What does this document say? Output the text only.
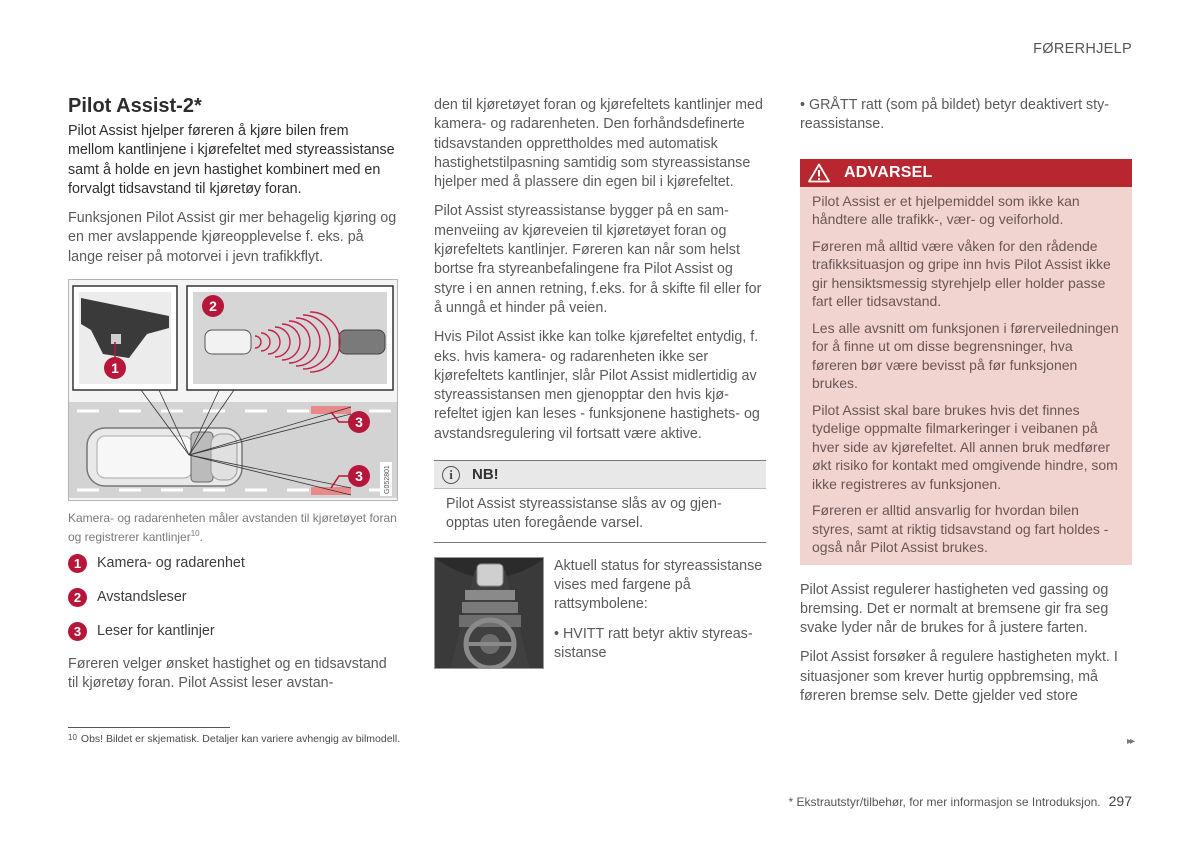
FØRERHJELP
Pilot Assist-2*

Pilot Assist hjelper føreren å kjøre bilen frem mellom kantlinjene i kjørefeltet med styreassistanse samt å holde en jevn hastighet kombinert med en forvalgt tidsavstand til kjøretøy foran.

Funksjonen Pilot Assist gir mer behagelig kjøring og en mer avslappende kjøreopplevelse f. eks. på lange reiser på motorvei i jevn trafikkflyt.

1
2
3
3	G052801

Kamera- og radarenheten måler avstanden til kjøretøyet foran og registrerer kantlinjer$^{10}$.

1	Kamera- og radarenhet
2	Avstandsleser
3	Leser for kantlinjer

Føreren velger ønsket hastighet og en tidsavstand til kjøretøy foran. Pilot Assist leser avstan-

den til kjøretøyet foran og kjørefeltets kantlinjer med kamera- og radarenheten. Den forhåndsdefinerte tidsavstanden opprettholdes med automatisk hastighetstilpasning samtidig som styreassistanse hjelper med å plassere din egen bil i kjørefeltet.

Pilot Assist styreassistanse bygger på en sammenveiing av kjøreveien til kjøretøyet foran og kjørefeltets kantlinjer. Føreren kan når som helst bortse fra styreanbefalingene fra Pilot Assist og styre i en annen retning, f.eks. for å skifte fil eller for å unngå et hinder på veien.

Hvis Pilot Assist ikke kan tolke kjørefeltet entydig, f. eks. hvis kamera- og radarenheten ikke ser kjørefeltets kantlinjer, slår Pilot Assist midlertidig av styreassistansen men gjenopptar den hvis kjørefeltet igjen kan leses - funksjonene hastighets- og avstandsregulering vil fortsatt være aktive.

i	NB!
Pilot Assist styreassistanse slås av og gjenopptas uten foregående varsel.

Aktuell status for styreassistanse vises med fargene på rattsymbolene:

• HVITT ratt betyr aktiv styreassistanse

• GRÅTT ratt (som på bildet) betyr deaktivert styreassistanse.

ADVARSEL

Pilot Assist er et hjelpemiddel som ikke kan håndtere alle trafikk-, vær- og veiforhold.

Føreren må alltid være våken for den rådende trafikksituasjon og gripe inn hvis Pilot Assist ikke gir hensiktsmessig styrehjelp eller holder passe fart eller tidsavstand.

Les alle avsnitt om funksjonen i førerveiledningen for å finne ut om disse begrensninger, hva føreren bør være bevisst på før funksjonen brukes.

Pilot Assist skal bare brukes hvis det finnes tydelige oppmalte filmarkeringer i veibanen på hver side av kjørefeltet. All annen bruk medfører økt risiko for kontakt med omgivende hindre, som ikke registreres av funksjonen.

Føreren er alltid ansvarlig for hvordan bilen styres, samt at riktig tidsavstand og fart holdes - også når Pilot Assist brukes.

Pilot Assist regulerer hastigheten ved gassing og bremsing. Det er normalt at bremsene gir fra seg svake lyder når de brukes for å justere farten.

Pilot Assist forsøker å regulere hastigheten mykt. I situasjoner som krever hurtig oppbremsing, må føreren bremse selv. Dette gjelder ved store

$^{10}$ Obs! Bildet er skjematisk. Detaljer kan variere avhengig av bilmodell.	▸▸
* Ekstrautstyr/tilbehør, for mer informasjon se Introduksjon. 297
